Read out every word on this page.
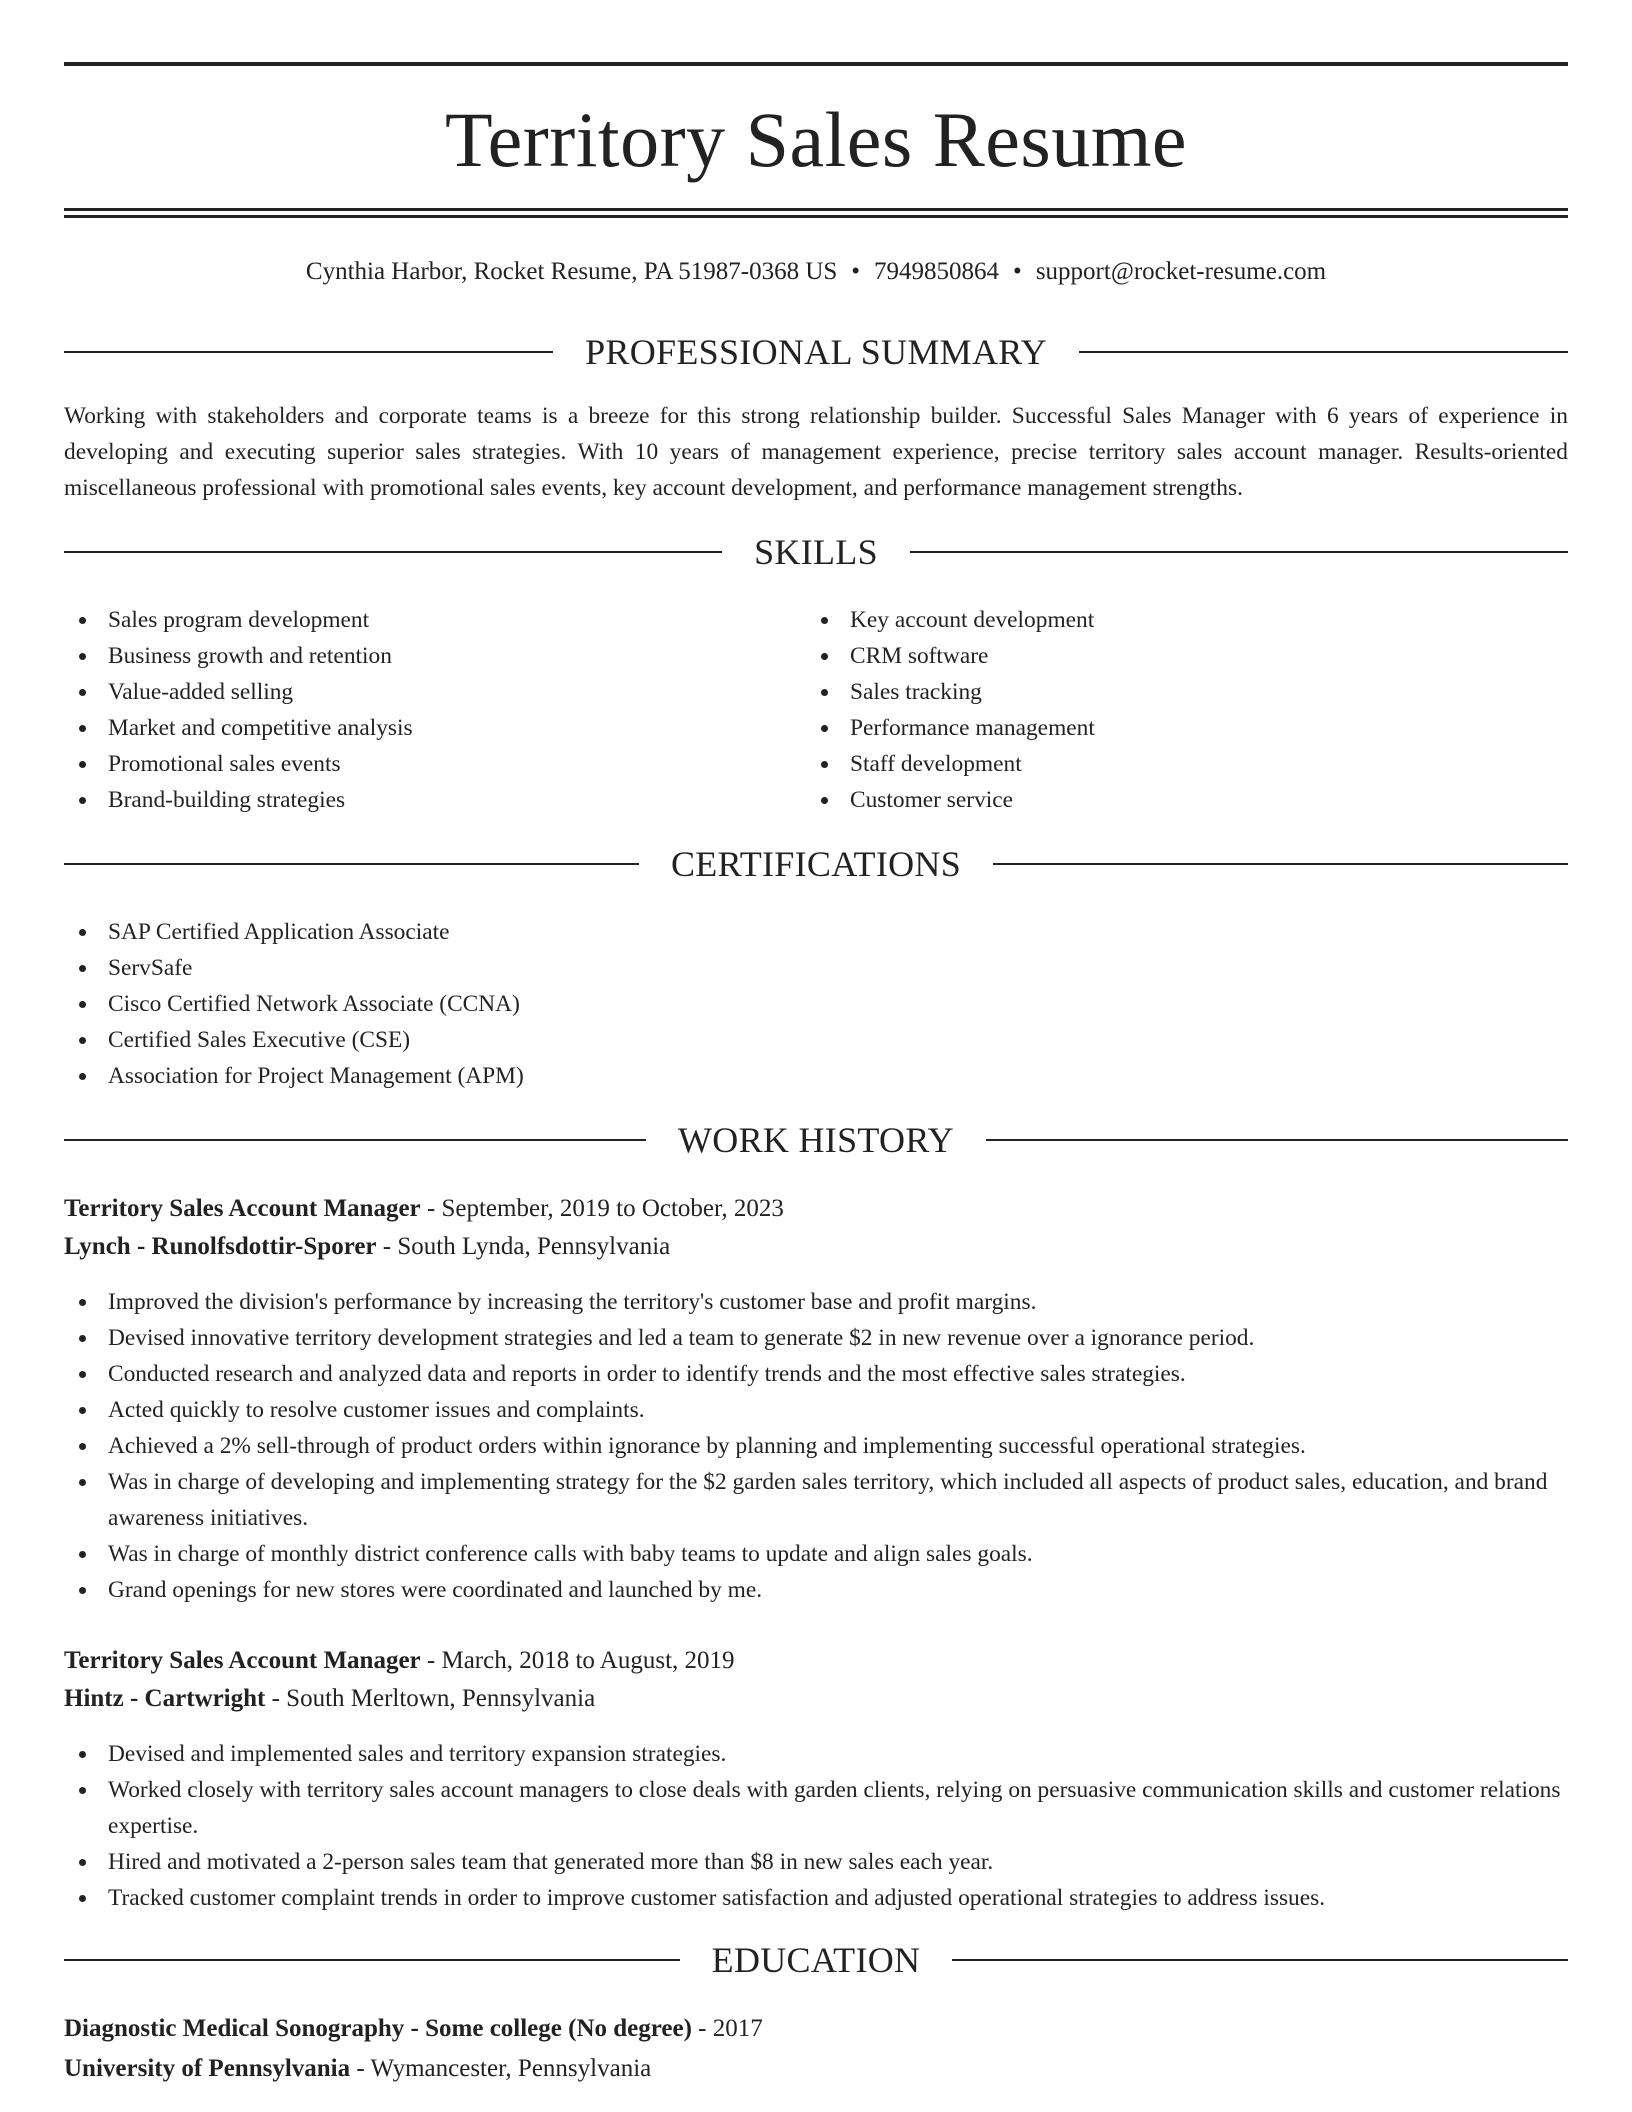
Territory Sales Resume
Cynthia Harbor, Rocket Resume, PA 51987-0368 US • 7949850864 • support@rocket-resume.com
PROFESSIONAL SUMMARY
Working with stakeholders and corporate teams is a breeze for this strong relationship builder. Successful Sales Manager with 6 years of experience in developing and executing superior sales strategies. With 10 years of management experience, precise territory sales account manager. Results-oriented miscellaneous professional with promotional sales events, key account development, and performance management strengths.
SKILLS
Sales program development
Business growth and retention
Value-added selling
Market and competitive analysis
Promotional sales events
Brand-building strategies
Key account development
CRM software
Sales tracking
Performance management
Staff development
Customer service
CERTIFICATIONS
SAP Certified Application Associate
ServSafe
Cisco Certified Network Associate (CCNA)
Certified Sales Executive (CSE)
Association for Project Management (APM)
WORK HISTORY
Territory Sales Account Manager - September, 2019 to October, 2023
Lynch - Runolfsdottir-Sporer - South Lynda, Pennsylvania
Improved the division's performance by increasing the territory's customer base and profit margins.
Devised innovative territory development strategies and led a team to generate $2 in new revenue over a ignorance period.
Conducted research and analyzed data and reports in order to identify trends and the most effective sales strategies.
Acted quickly to resolve customer issues and complaints.
Achieved a 2% sell-through of product orders within ignorance by planning and implementing successful operational strategies.
Was in charge of developing and implementing strategy for the $2 garden sales territory, which included all aspects of product sales, education, and brand awareness initiatives.
Was in charge of monthly district conference calls with baby teams to update and align sales goals.
Grand openings for new stores were coordinated and launched by me.
Territory Sales Account Manager - March, 2018 to August, 2019
Hintz - Cartwright - South Merltown, Pennsylvania
Devised and implemented sales and territory expansion strategies.
Worked closely with territory sales account managers to close deals with garden clients, relying on persuasive communication skills and customer relations expertise.
Hired and motivated a 2-person sales team that generated more than $8 in new sales each year.
Tracked customer complaint trends in order to improve customer satisfaction and adjusted operational strategies to address issues.
EDUCATION
Diagnostic Medical Sonography - Some college (No degree) - 2017
University of Pennsylvania - Wymancester, Pennsylvania
